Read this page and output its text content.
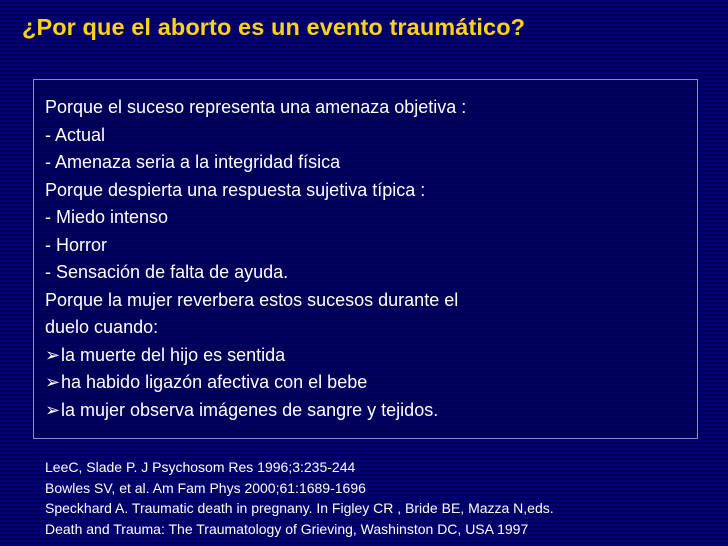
¿Por que el aborto es un evento traumático?
Porque el suceso representa una amenaza objetiva :
- Actual
- Amenaza seria a la integridad física
Porque despierta una respuesta sujetiva típica :
- Miedo intenso
- Horror
- Sensación de falta de ayuda.
Porque la mujer reverbera estos sucesos durante el
duelo cuando:
➢la muerte del hijo es sentida
➢ha habido ligazón afectiva con el bebe
➢la mujer observa imágenes de sangre y tejidos.
LeeC, Slade P. J Psychosom Res 1996;3:235-244
Bowles SV, et al. Am Fam Phys 2000;61:1689-1696
Speckhard A. Traumatic death in pregnany. In Figley CR , Bride BE, Mazza N,eds.
Death and Trauma: The Traumatology of Grieving, Washinston DC, USA 1997
